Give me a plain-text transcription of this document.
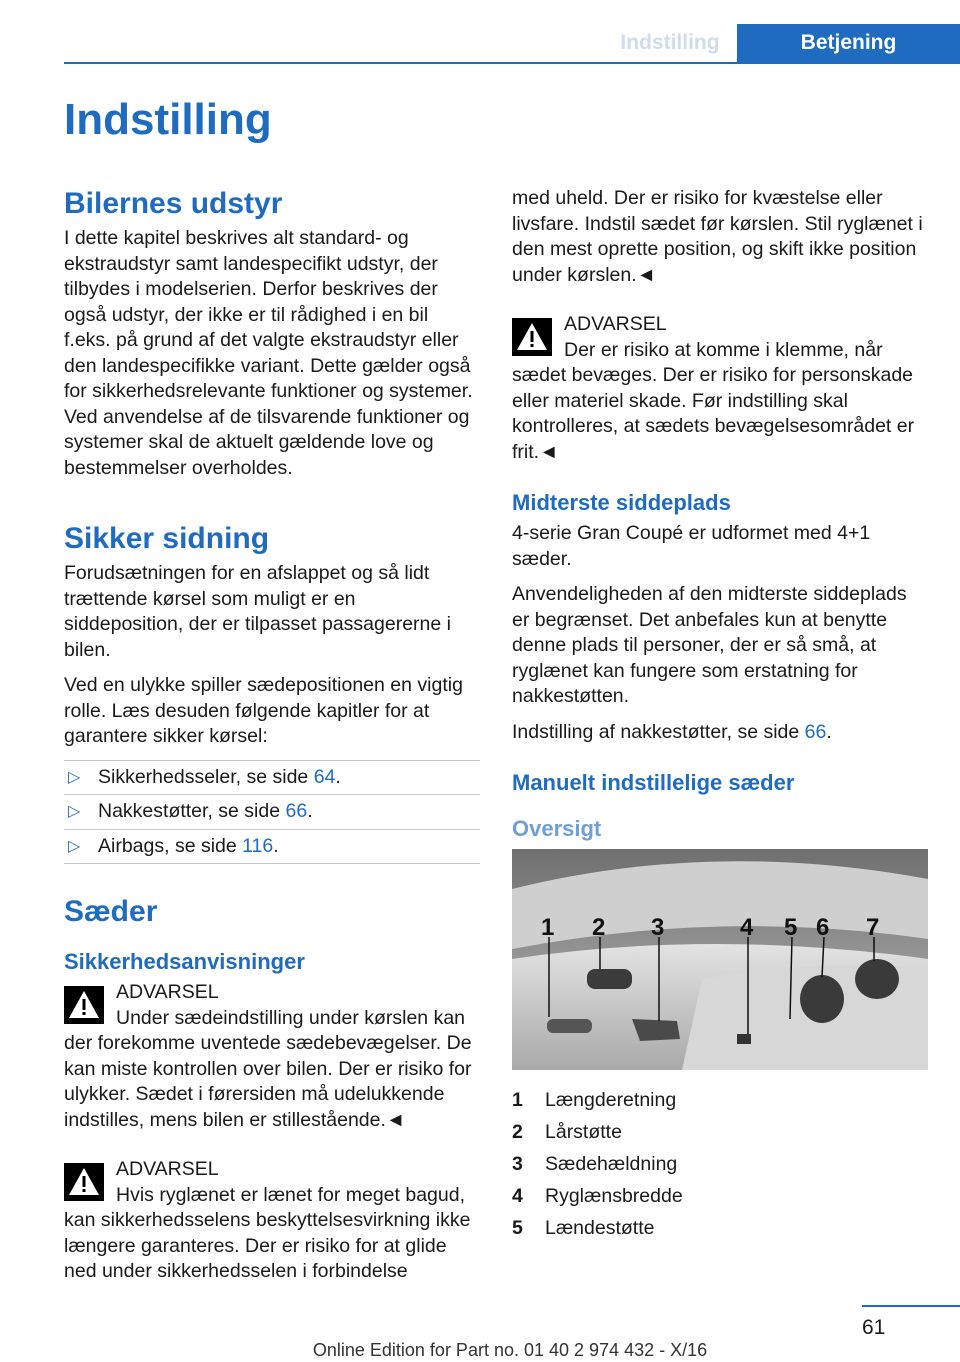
Indstilling	Betjening
Indstilling
Bilernes udstyr

I dette kapitel beskrives alt standard- og ekstraudstyr samt landespecifikt udstyr, der tilbydes i modelserien. Derfor beskrives der også udstyr, der ikke er til rådighed i en bil f.eks. på grund af det valgte ekstraudstyr eller den landespecifikke variant. Dette gælder også for sikkerhedsrelevante funktioner og systemer. Ved anvendelse af de tilsvarende funktioner og systemer skal de aktuelt gældende love og bestemmelser overholdes.

Sikker sidning

Forudsætningen for en afslappet og så lidt trættende kørsel som muligt er en siddeposition, der er tilpasset passagererne i bilen.

Ved en ulykke spiller sædepositionen en vigtig rolle. Læs desuden følgende kapitler for at garantere sikker kørsel:

▷ Sikkerhedsseler, se side 64.
▷ Nakkestøtter, se side 66.
▷ Airbags, se side 116.
Sæder
Sikkerhedsanvisninger
ADVARSEL
Under sædeindstilling under kørslen kan der forekomme uventede sædebevægelser. De kan miste kontrollen over bilen. Der er risiko for ulykker. Sædet i førersiden må udelukkende indstilles, mens bilen er stillestående.◄
ADVARSEL
Hvis ryglænet er lænet for meget bagud, kan sikkerhedsselens beskyttelsesvirkning ikke længere garanteres. Der er risiko for at glide ned under sikkerhedsselen i forbindelse

med uheld. Der er risiko for kvæstelse eller livsfare. Indstil sædet før kørslen. Stil ryglænet i den mest oprette position, og skift ikke position under kørslen.◄

ADVARSEL
Der er risiko at komme i klemme, når sædet bevæges. Der er risiko for personskade eller materiel skade. Før indstilling skal kontrolleres, at sædets bevægelsesområdet er frit.◄
Midterste siddeplads

4-serie Gran Coupé er udformet med 4+1 sæder.

Anvendeligheden af den midterste siddeplads er begrænset. Det anbefales kun at benytte denne plads til personer, der er så små, at ryglænet kan fungere som erstatning for nakkestøtten.

Indstilling af nakkestøtter, se side 66.

Manuelt indstillelige sæder
Oversigt
1 2 3	4 5 6 7
1	Længderetning
2	Lårstøtte
3	Sædehældning
4	Ryglænsbredde
5	Lændestøtte
61
Online Edition for Part no. 01 40 2 974 432 - X/16
